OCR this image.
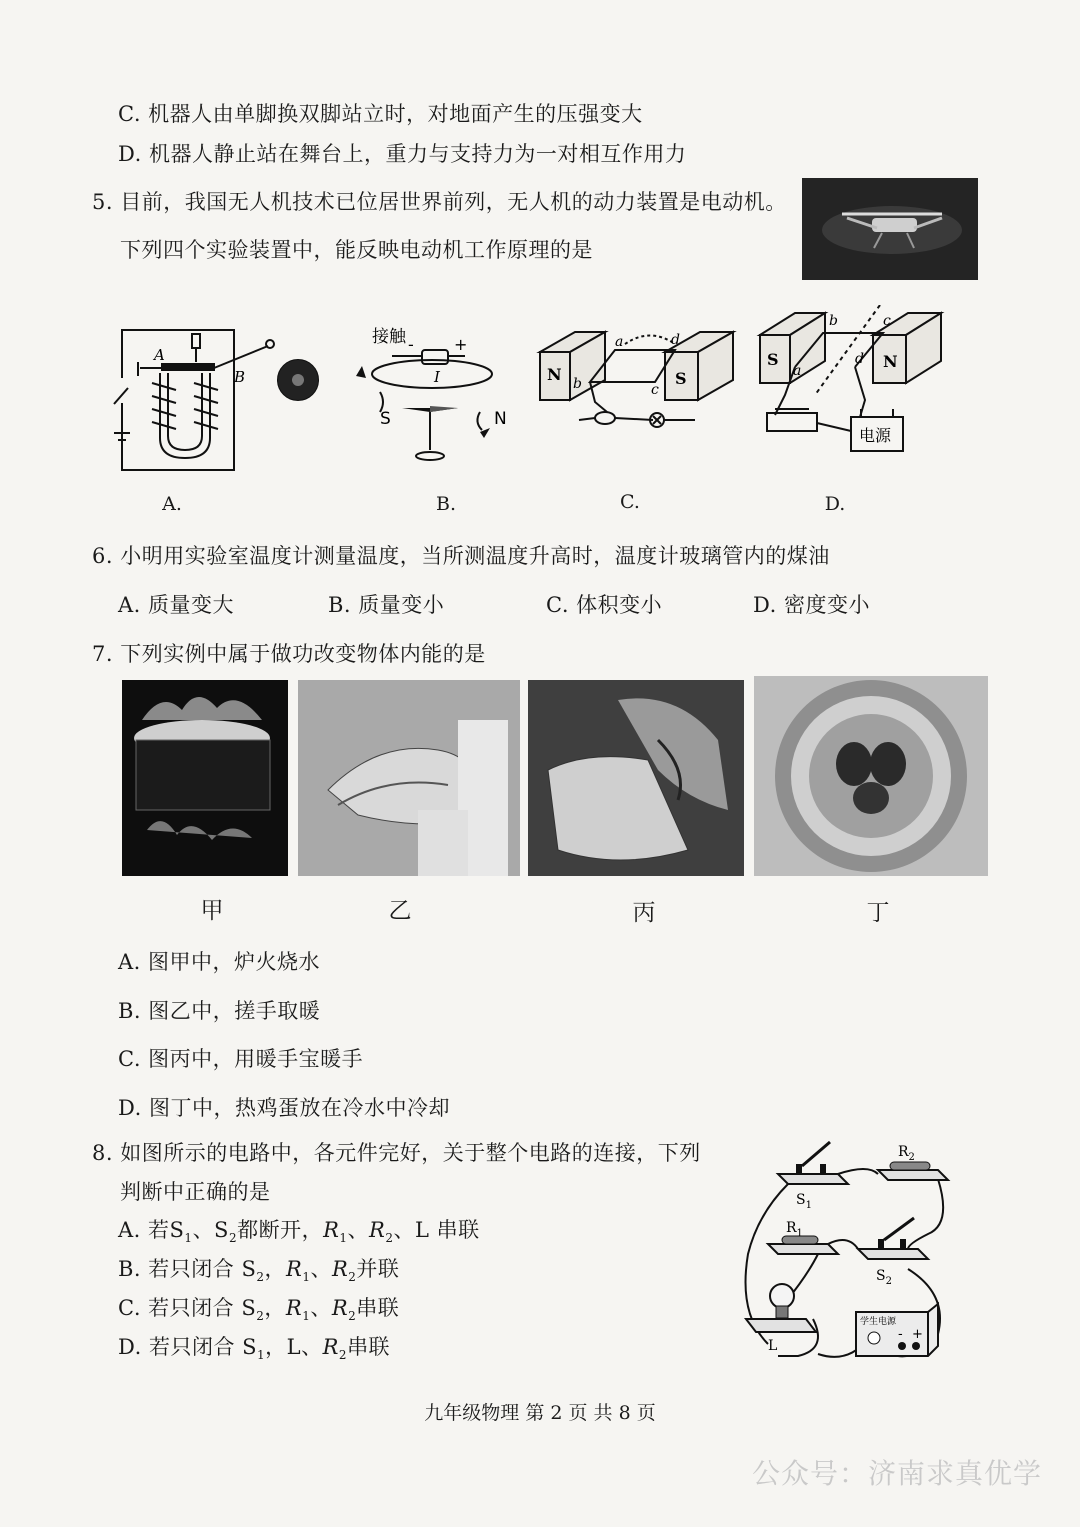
C. 机器人由单脚换双脚站立时，对地面产生的压强变大
D. 机器人静止站在舞台上，重力与支持力为一对相互作用力
5. 目前，我国无人机技术已位居世界前列，无人机的动力装置是电动机。
下列四个实验装置中，能反映电动机工作原理的是
A
B
接触 -	+
I
S	N
N	S
a
b	c
d
S	N
a
b	c
d
电源
A.	B.	C.	D.
6. 小明用实验室温度计测量温度，当所测温度升高时，温度计玻璃管内的煤油
A. 质量变大	B. 质量变小	C. 体积变小	D. 密度变小
7. 下列实例中属于做功改变物体内能的是
甲	乙	丙	丁
A. 图甲中，炉火烧水
B. 图乙中，搓手取暖
C. 图丙中，用暖手宝暖手
D. 图丁中，热鸡蛋放在冷水中冷却
8. 如图所示的电路中，各元件完好，关于整个电路的连接，下列
判断中正确的是
A. 若$S_1$、$S_2$都断开，$R_1$、$R_2$、L 串联
B. 若只闭合 $S_2$，$R_1$、$R_2$并联
C. 若只闭合 $S_2$，$R_1$、$R_2$串联
D. 若只闭合 $S_1$，L、$R_2$串联
$S_1$
$R_2$
$R_1$
$S_2$
L
学生电源
- +
九年级物理 第 2 页 共 8 页
公众号：济南求真优学
